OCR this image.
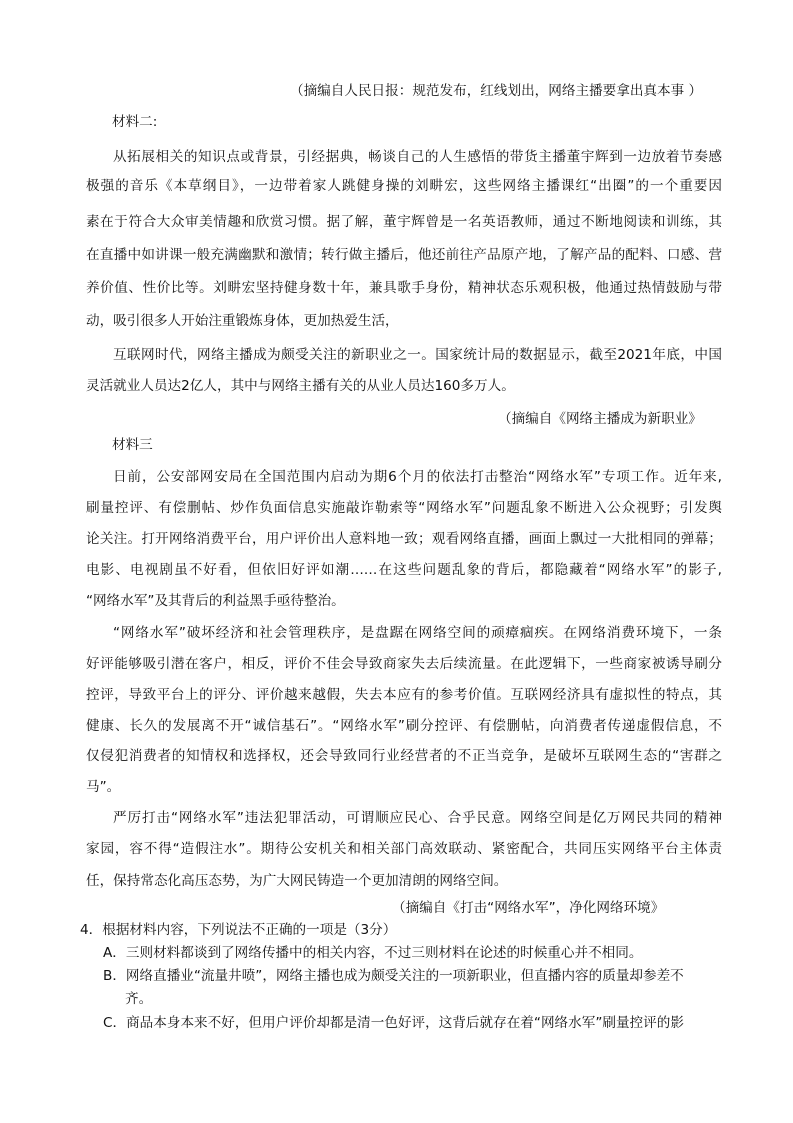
（摘编自人民日报：规范发布，红线划出，网络主播要拿出真本事 ）
材料二:
从拓展相关的知识点或背景，引经据典，畅谈自己的人生感悟的带货主播董宇辉到一边放着节奏感
极强的音乐《本草纲目》，一边带着家人跳健身操的刘畊宏，这些网络主播课红“出圈”的一个重要因
素在于符合大众审美情趣和欣赏习惯。据了解，董宇辉曾是一名英语教师，通过不断地阅读和训练，其
在直播中如讲课一般充满幽默和激情；转行做主播后，他还前往产品原产地，了解产品的配料、口感、营
养价值、性价比等。刘畊宏坚持健身数十年，兼具歌手身份，精神状态乐观积极，他通过热情鼓励与带
动，吸引很多人开始注重锻炼身体，更加热爱生活，
互联网时代，网络主播成为颇受关注的新职业之一。国家统计局的数据显示，截至2021年底，中国
灵活就业人员达2亿人，其中与网络主播有关的从业人员达160多万人。
（摘编自《网络主播成为新职业》
材料三
日前，公安部网安局在全国范围内启动为期6个月的依法打击整治“网络水军”专项工作。近年来,
刷量控评、有偿删帖、炒作负面信息实施敲诈勒索等“网络水军”问题乱象不断进入公众视野；引发舆
论关注。打开网络消费平台，用户评价出人意料地一致；观看网络直播，画面上飘过一大批相同的弹幕；
电影、电视剧虽不好看，但依旧好评如潮……在这些问题乱象的背后，都隐藏着“网络水军”的影子,
“网络水军”及其背后的利益黑手亟待整治。
“网络水军”破坏经济和社会管理秩序，是盘踞在网络空间的顽瘴痼疾。在网络消费环境下，一条
好评能够吸引潜在客户，相反，评价不佳会导致商家失去后续流量。在此逻辑下，一些商家被诱导刷分
控评，导致平台上的评分、评价越来越假，失去本应有的参考价值。互联网经济具有虚拟性的特点，其
健康、长久的发展离不开“诚信基石”。“网络水军”刷分控评、有偿删帖，向消费者传递虚假信息，不
仅侵犯消费者的知情权和选择权，还会导致同行业经营者的不正当竞争，是破坏互联网生态的“害群之
马”。
严厉打击“网络水军”违法犯罪活动，可谓顺应民心、合乎民意。网络空间是亿万网民共同的精神
家园，容不得“造假注水”。期待公安机关和相关部门高效联动、紧密配合，共同压实网络平台主体责
任，保持常态化高压态势，为广大网民铸造一个更加清朗的网络空间。
（摘编自《打击“网络水军”，净化网络环境》
4．根据材料内容，下列说法不正确的一项是（3分）
A．三则材料都谈到了网络传播中的相关内容，不过三则材料在论述的时候重心并不相同。
B．网络直播业“流量井喷”，网络主播也成为颇受关注的一项新职业，但直播内容的质量却参差不
齐。
C．商品本身本来不好，但用户评价却都是清一色好评，这背后就存在着“网络水军”刷量控评的影
